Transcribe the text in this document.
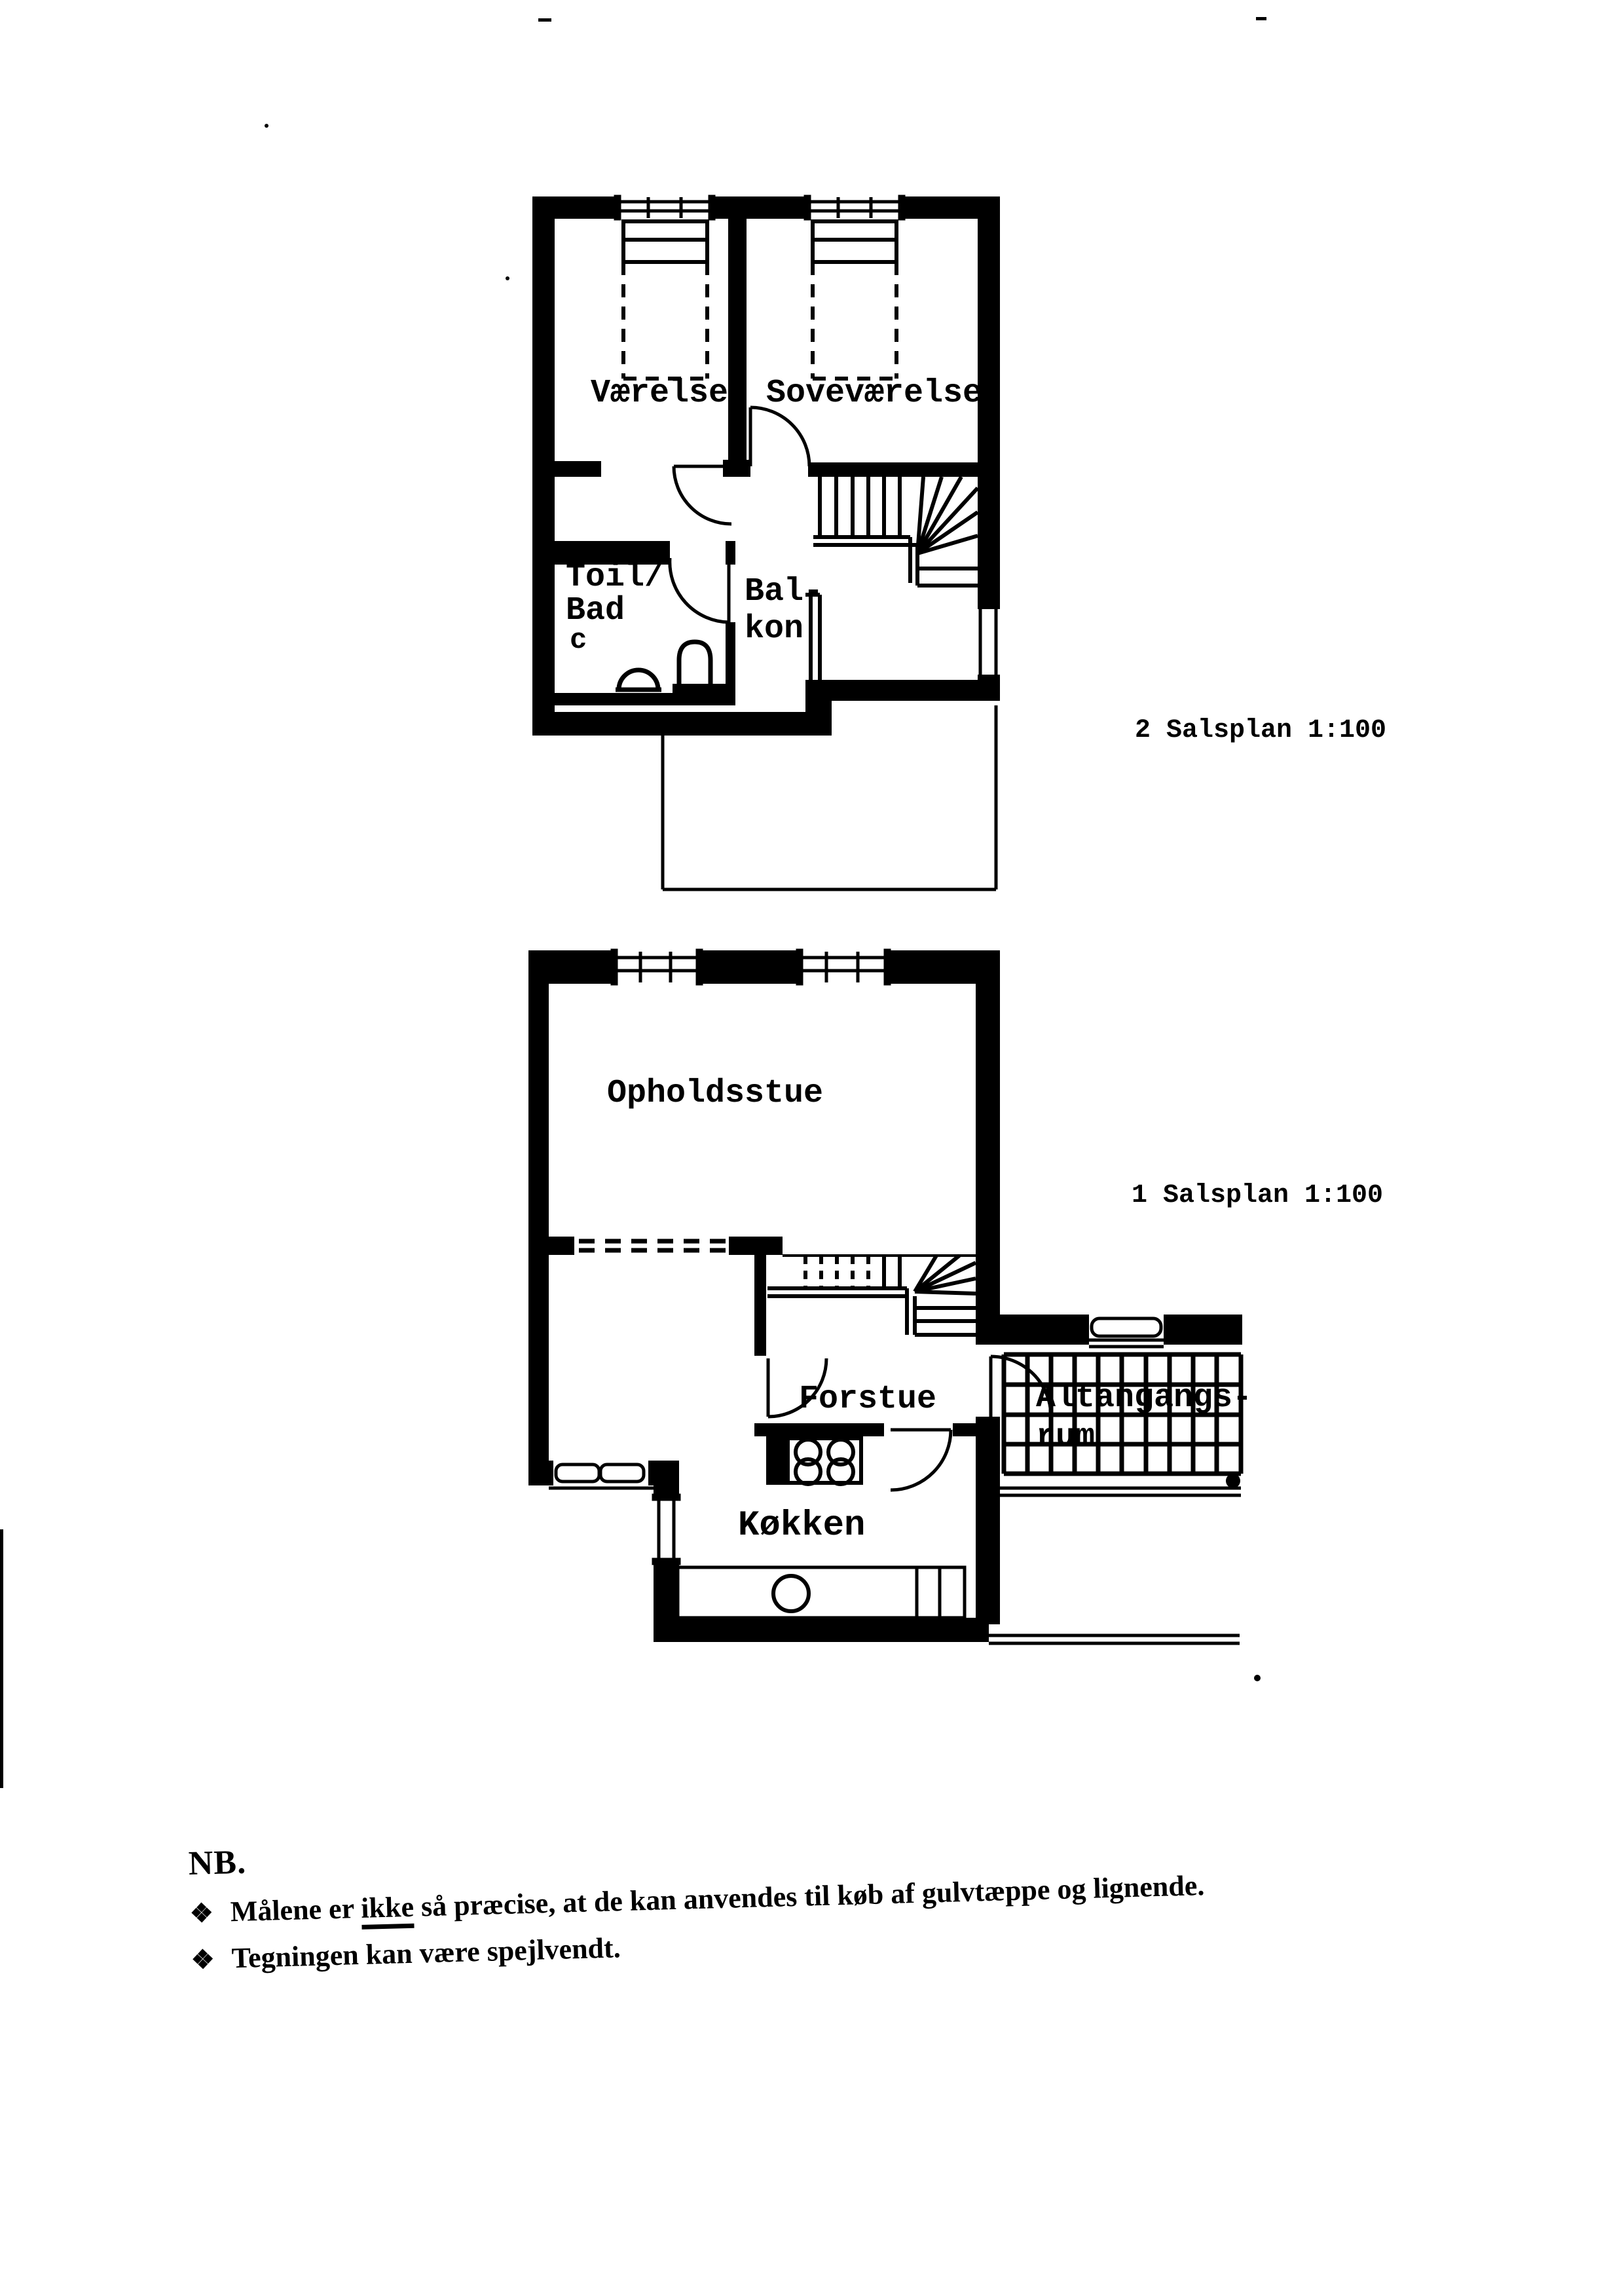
Værelse Soveværelse
Toil/
Bad
c
Bal-
kon
2 Salsplan 1:100
Opholdsstue
1 Salsplan 1:100
Forstue	Altangangs-
rum
Køkken
NB.
❖ Målene er ikke så præcise, at de kan anvendes til køb af gulvtæppe og lignende.
❖ Tegningen kan være spejlvendt.
